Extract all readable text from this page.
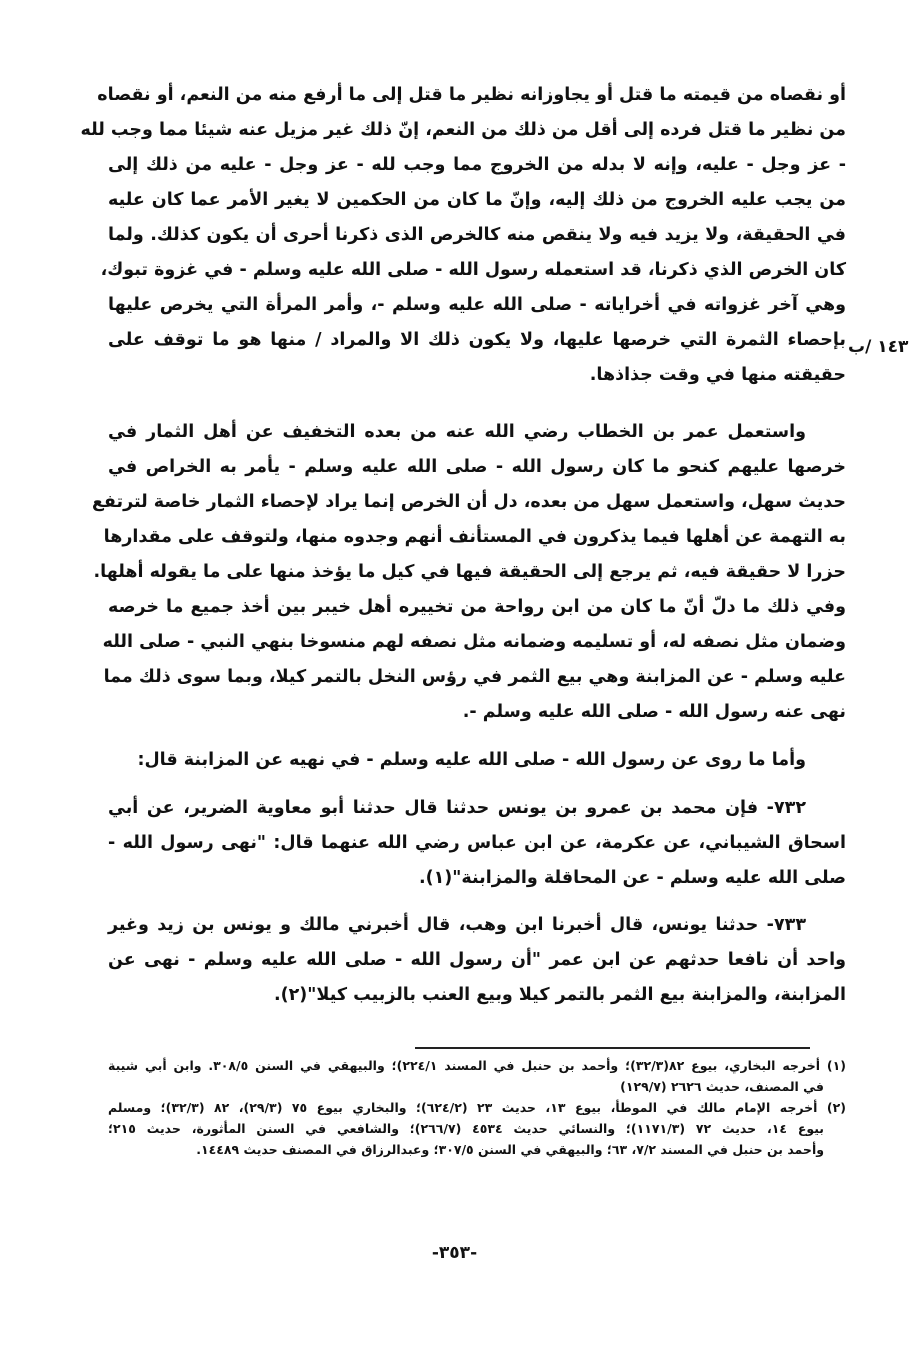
أو نقصاه من قيمته ما قتل أو يجاوزانه نظير ما قتل إلى ما أرفع منه من النعم، أو نقصاه
من نظير ما قتل فرده إلى أقل من ذلك من النعم، إنّ ذلك غير مزيل عنه شيئا مما وجب لله
- عز وجل - عليه، وإنه لا بدله من الخروج مما وجب لله - عز وجل - عليه من ذلك إلى
من يجب عليه الخروج من ذلك إليه، وإنّ ما كان من الحكمين لا يغير الأمر عما كان عليه
في الحقيقة، ولا يزيد فيه ولا ينقص منه كالخرص الذى ذكرنا أحرى أن يكون كذلك. ولما
كان الخرص الذي ذكرنا، قد استعمله رسول الله - صلى الله عليه وسلم - في غزوة تبوك،
وهي آخر غزواته في أخراياته - صلى الله عليه وسلم -، وأمر المرأة التي يخرص عليها
بإحصاء الثمرة التي خرصها عليها، ولا يكون ذلك الا والمراد / منها هو ما توقف على
حقيقته منها في وقت جذاذها.
١٤٣ /ب
واستعمل عمر بن الخطاب رضي الله عنه من بعده التخفيف عن أهل الثمار في
خرصها عليهم كنحو ما كان رسول الله - صلى الله عليه وسلم - يأمر به الخراص في
حديث سهل، واستعمل سهل من بعده، دل أن الخرص إنما يراد لإحصاء الثمار خاصة لترتفع
به التهمة عن أهلها فيما يذكرون في المستأنف أنهم وجدوه منها، ولتوقف على مقدارها
حزرا لا حقيقة فيه، ثم يرجع إلى الحقيقة فيها في كيل ما يؤخذ منها على ما يقوله أهلها.
وفي ذلك ما دلّ أنّ ما كان من ابن رواحة من تخييره أهل خيبر بين أخذ جميع ما خرصه
وضمان مثل نصفه له، أو تسليمه وضمانه مثل نصفه لهم منسوخا بنهي النبي - صلى الله
عليه وسلم - عن المزابنة وهي بيع الثمر في رؤس النخل بالتمر كيلا، وبما سوى ذلك مما
نهى عنه رسول الله - صلى الله عليه وسلم -.
وأما ما روى عن رسول الله - صلى الله عليه وسلم - في نهيه عن المزابنة قال:
٧٣٢- فإن محمد بن عمرو بن يونس حدثنا قال حدثنا أبو معاوية الضرير، عن أبي
اسحاق الشيباني، عن عكرمة، عن ابن عباس رضي الله عنهما قال: "نهى رسول الله -
صلى الله عليه وسلم - عن المحاقلة والمزابنة"(١).
٧٣٣- حدثنا يونس، قال أخبرنا ابن وهب، قال أخبرني مالك و يونس بن زيد وغير
واحد أن نافعا حدثهم عن ابن عمر "أن رسول الله - صلى الله عليه وسلم - نهى عن
المزابنة، والمزابنة بيع الثمر بالتمر كيلا وبيع العنب بالزبيب كيلا"(٢).
(١) أخرجه البخاري، بيوع ٨٢(٣٢/٣)؛ وأحمد بن حنبل في المسند ٢٢٤/١)؛ والبيهقي في السنن ٣٠٨/٥. وابن أبي شيبة
في المصنف، حديث ٢٦٢٦ (١٢٩/٧)
(٢) أخرجه الإمام مالك في الموطأ، بيوع ١٣، حديث ٢٣ (٦٢٤/٢)؛ والبخاري بيوع ٧٥ (٢٩/٣)، ٨٢ (٣٢/٣)؛ ومسلم
بيوع ١٤، حديث ٧٢ (١١٧١/٣)؛ والنسائي حديث ٤٥٣٤ (٢٦٦/٧)؛ والشافعي في السنن المأثورة، حديث ٢١٥؛
وأحمد بن حنبل في المسند ٧/٢، ٦٣؛ والبيهقي في السنن ٣٠٧/٥؛ وعبدالرزاق في المصنف حديث ١٤٤٨٩.
-٣٥٣-
